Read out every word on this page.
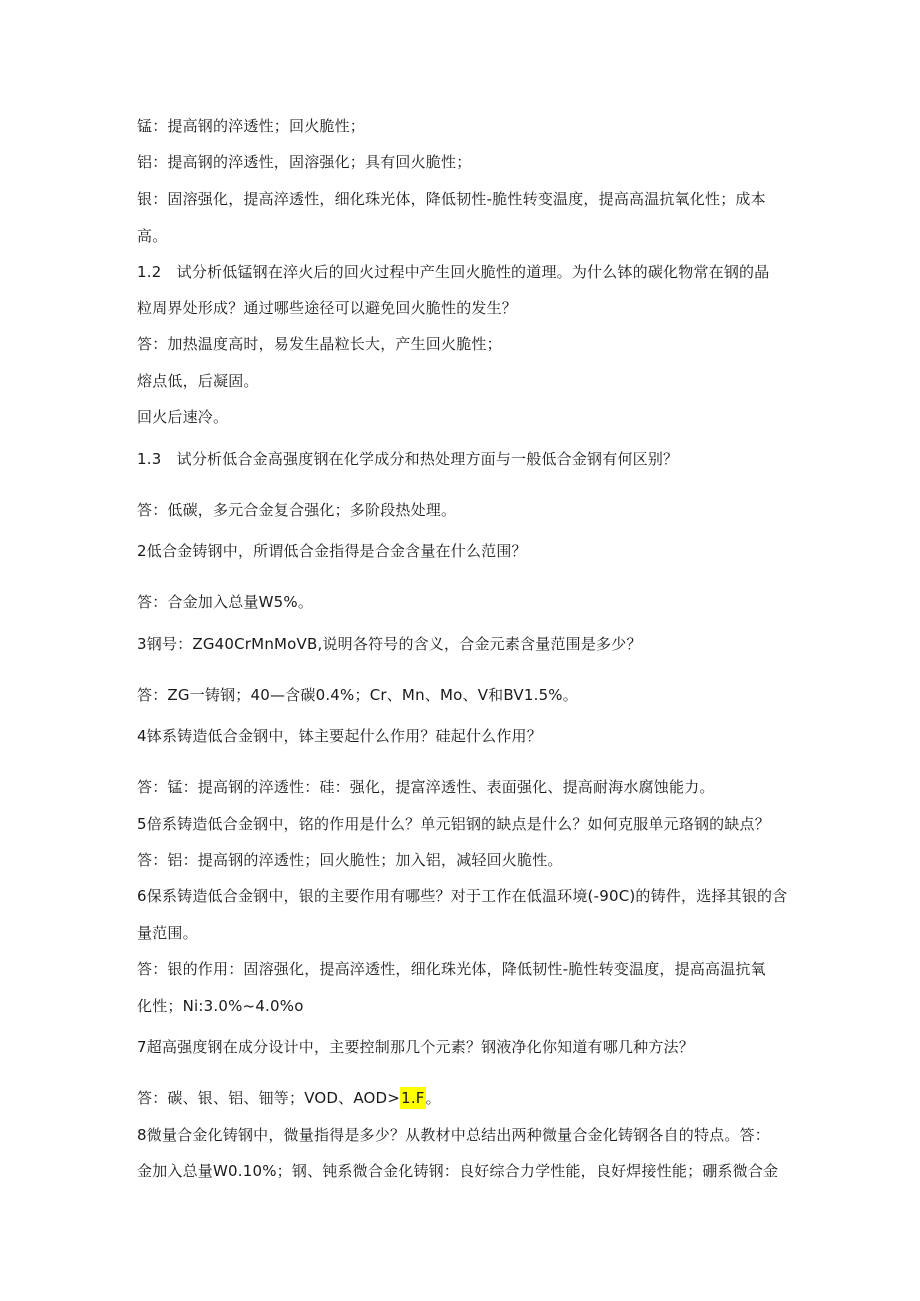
锰：提高钢的淬透性；回火脆性；
铝：提高钢的淬透性，固溶强化；具有回火脆性；
银：固溶强化，提高淬透性，细化珠光体，降低韧性-脆性转变温度，提高高温抗氧化性；成本
高。
1.2　试分析低锰钢在淬火后的回火过程中产生回火脆性的道理。为什么钵的碳化物常在钢的晶
粒周界处形成？通过哪些途径可以避免回火脆性的发生？
答：加热温度高时，易发生晶粒长大，产生回火脆性；
熔点低，后凝固。
回火后速冷。
1.3　试分析低合金高强度钢在化学成分和热处理方面与一般低合金钢有何区别？
答：低碳，多元合金复合强化；多阶段热处理。
2低合金铸钢中，所谓低合金指得是合金含量在什么范围？
答：合金加入总量W5%。
3钢号：ZG40CrMnMoVB,说明各符号的含义，合金元素含量范围是多少？
答：ZG一铸钢；40—含碳0.4%；Cr、Mn、Mo、V和BV1.5%。
4钵系铸造低合金钢中，钵主要起什么作用？硅起什么作用？
答：锰：提高钢的淬透性：硅：强化，提富淬透性、表面强化、提高耐海水腐蚀能力。
5倍系铸造低合金钢中，铭的作用是什么？单元铝钢的缺点是什么？如何克服单元珞钢的缺点？
答：铝：提高钢的淬透性；回火脆性；加入铝，减轻回火脆性。
6保系铸造低合金钢中，银的主要作用有哪些？对于工作在低温环境(-90C)的铸件，选择其银的含
量范围。
答：银的作用：固溶强化，提高淬透性，细化珠光体，降低韧性-脆性转变温度，提高高温抗氧
化性；Ni:3.0%~4.0%o
7超高强度钢在成分设计中，主要控制那几个元素？钢液净化你知道有哪几种方法？
答：碳、银、铝、钿等；VOD、AOD>1.F。
8微量合金化铸钢中，微量指得是多少？从教材中总结出两种微量合金化铸钢各自的特点。答：
金加入总量W0.10%；钢、钝系微合金化铸钢：良好综合力学性能，良好焊接性能；硼系微合金
